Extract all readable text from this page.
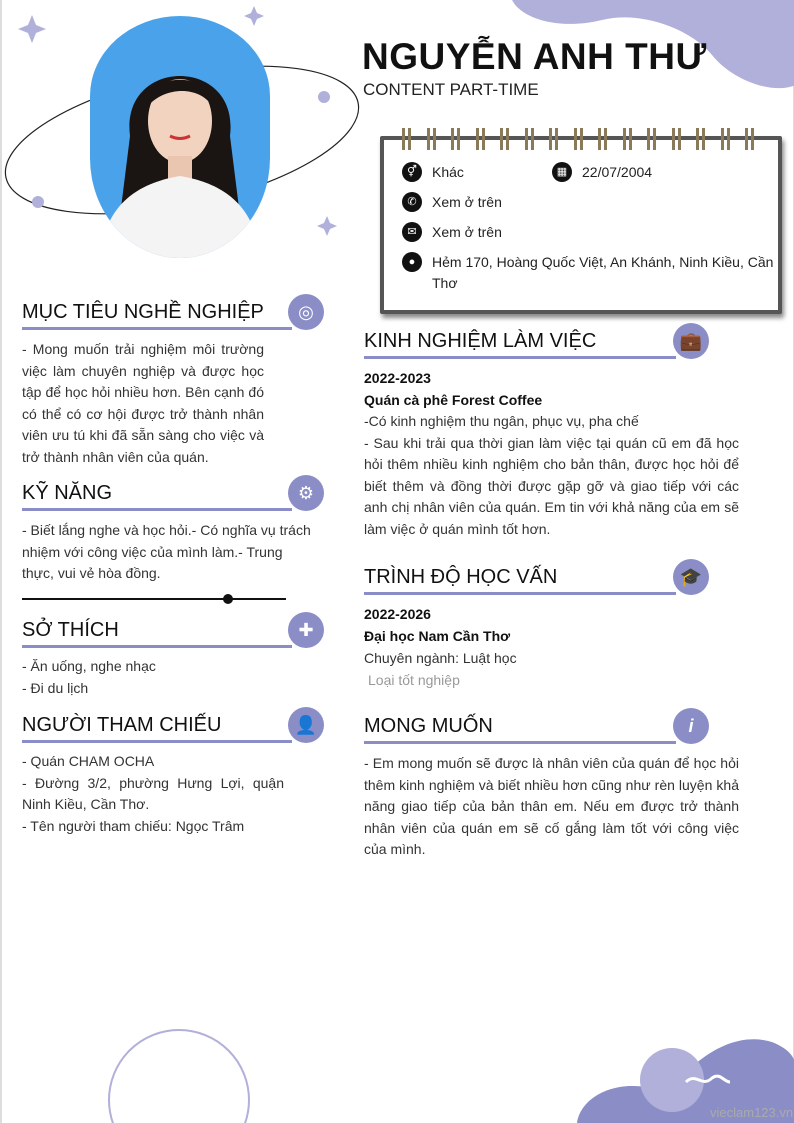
vieclam123.vn
NGUYỄN ANH THƯ
CONTENT PART-TIME
⚥	Khác	▦	22/07/2004
✆	Xem ở trên
✉	Xem ở trên
●	Hẻm 170, Hoàng Quốc Việt, An Khánh, Ninh Kiều, Cần Thơ
MỤC TIÊU NGHỀ NGHIỆP	◎
- Mong muốn trải nghiệm môi trường việc làm chuyên nghiệp và được học tập để học hỏi nhiều hơn. Bên cạnh đó có thể có cơ hội được trở thành nhân viên ưu tú khi đã sẵn sàng cho việc và trở thành nhân viên của quán.
KỸ NĂNG	⚙
- Biết lắng nghe và học hỏi.- Có nghĩa vụ trách nhiệm với công việc của mình làm.- Trung thực, vui vẻ hòa đồng.
SỞ THÍCH	✚
- Ăn uống, nghe nhạc
- Đi du lịch
NGƯỜI THAM CHIẾU	👤
- Quán CHAM OCHA
- Đường 3/2, phường Hưng Lợi, quận Ninh Kiều, Cần Thơ.
- Tên người tham chiếu: Ngọc Trâm
KINH NGHIỆM LÀM VIỆC	💼
2022-2023
Quán cà phê Forest Coffee
-Có kinh nghiệm thu ngân, phục vụ, pha chế
- Sau khi trải qua thời gian làm việc tại quán cũ em đã học hỏi thêm nhiều kinh nghiệm cho bản thân, được học hỏi để biết thêm và đồng thời được gặp gỡ và giao tiếp với các anh chị nhân viên của quán. Em tin với khả năng của em sẽ làm việc ở quán mình tốt hơn.
TRÌNH ĐỘ HỌC VẤN	🎓
2022-2026
Đại học Nam Cần Thơ
Chuyên ngành: Luật học
Loại tốt nghiệp
MONG MUỐN	i
- Em mong muốn sẽ được là nhân viên của quán để học hỏi thêm kinh nghiệm và biết nhiều hơn cũng như rèn luyện khả năng giao tiếp của bản thân em. Nếu em được trở thành nhân viên của quán em sẽ cố gắng làm tốt với công việc của mình.
